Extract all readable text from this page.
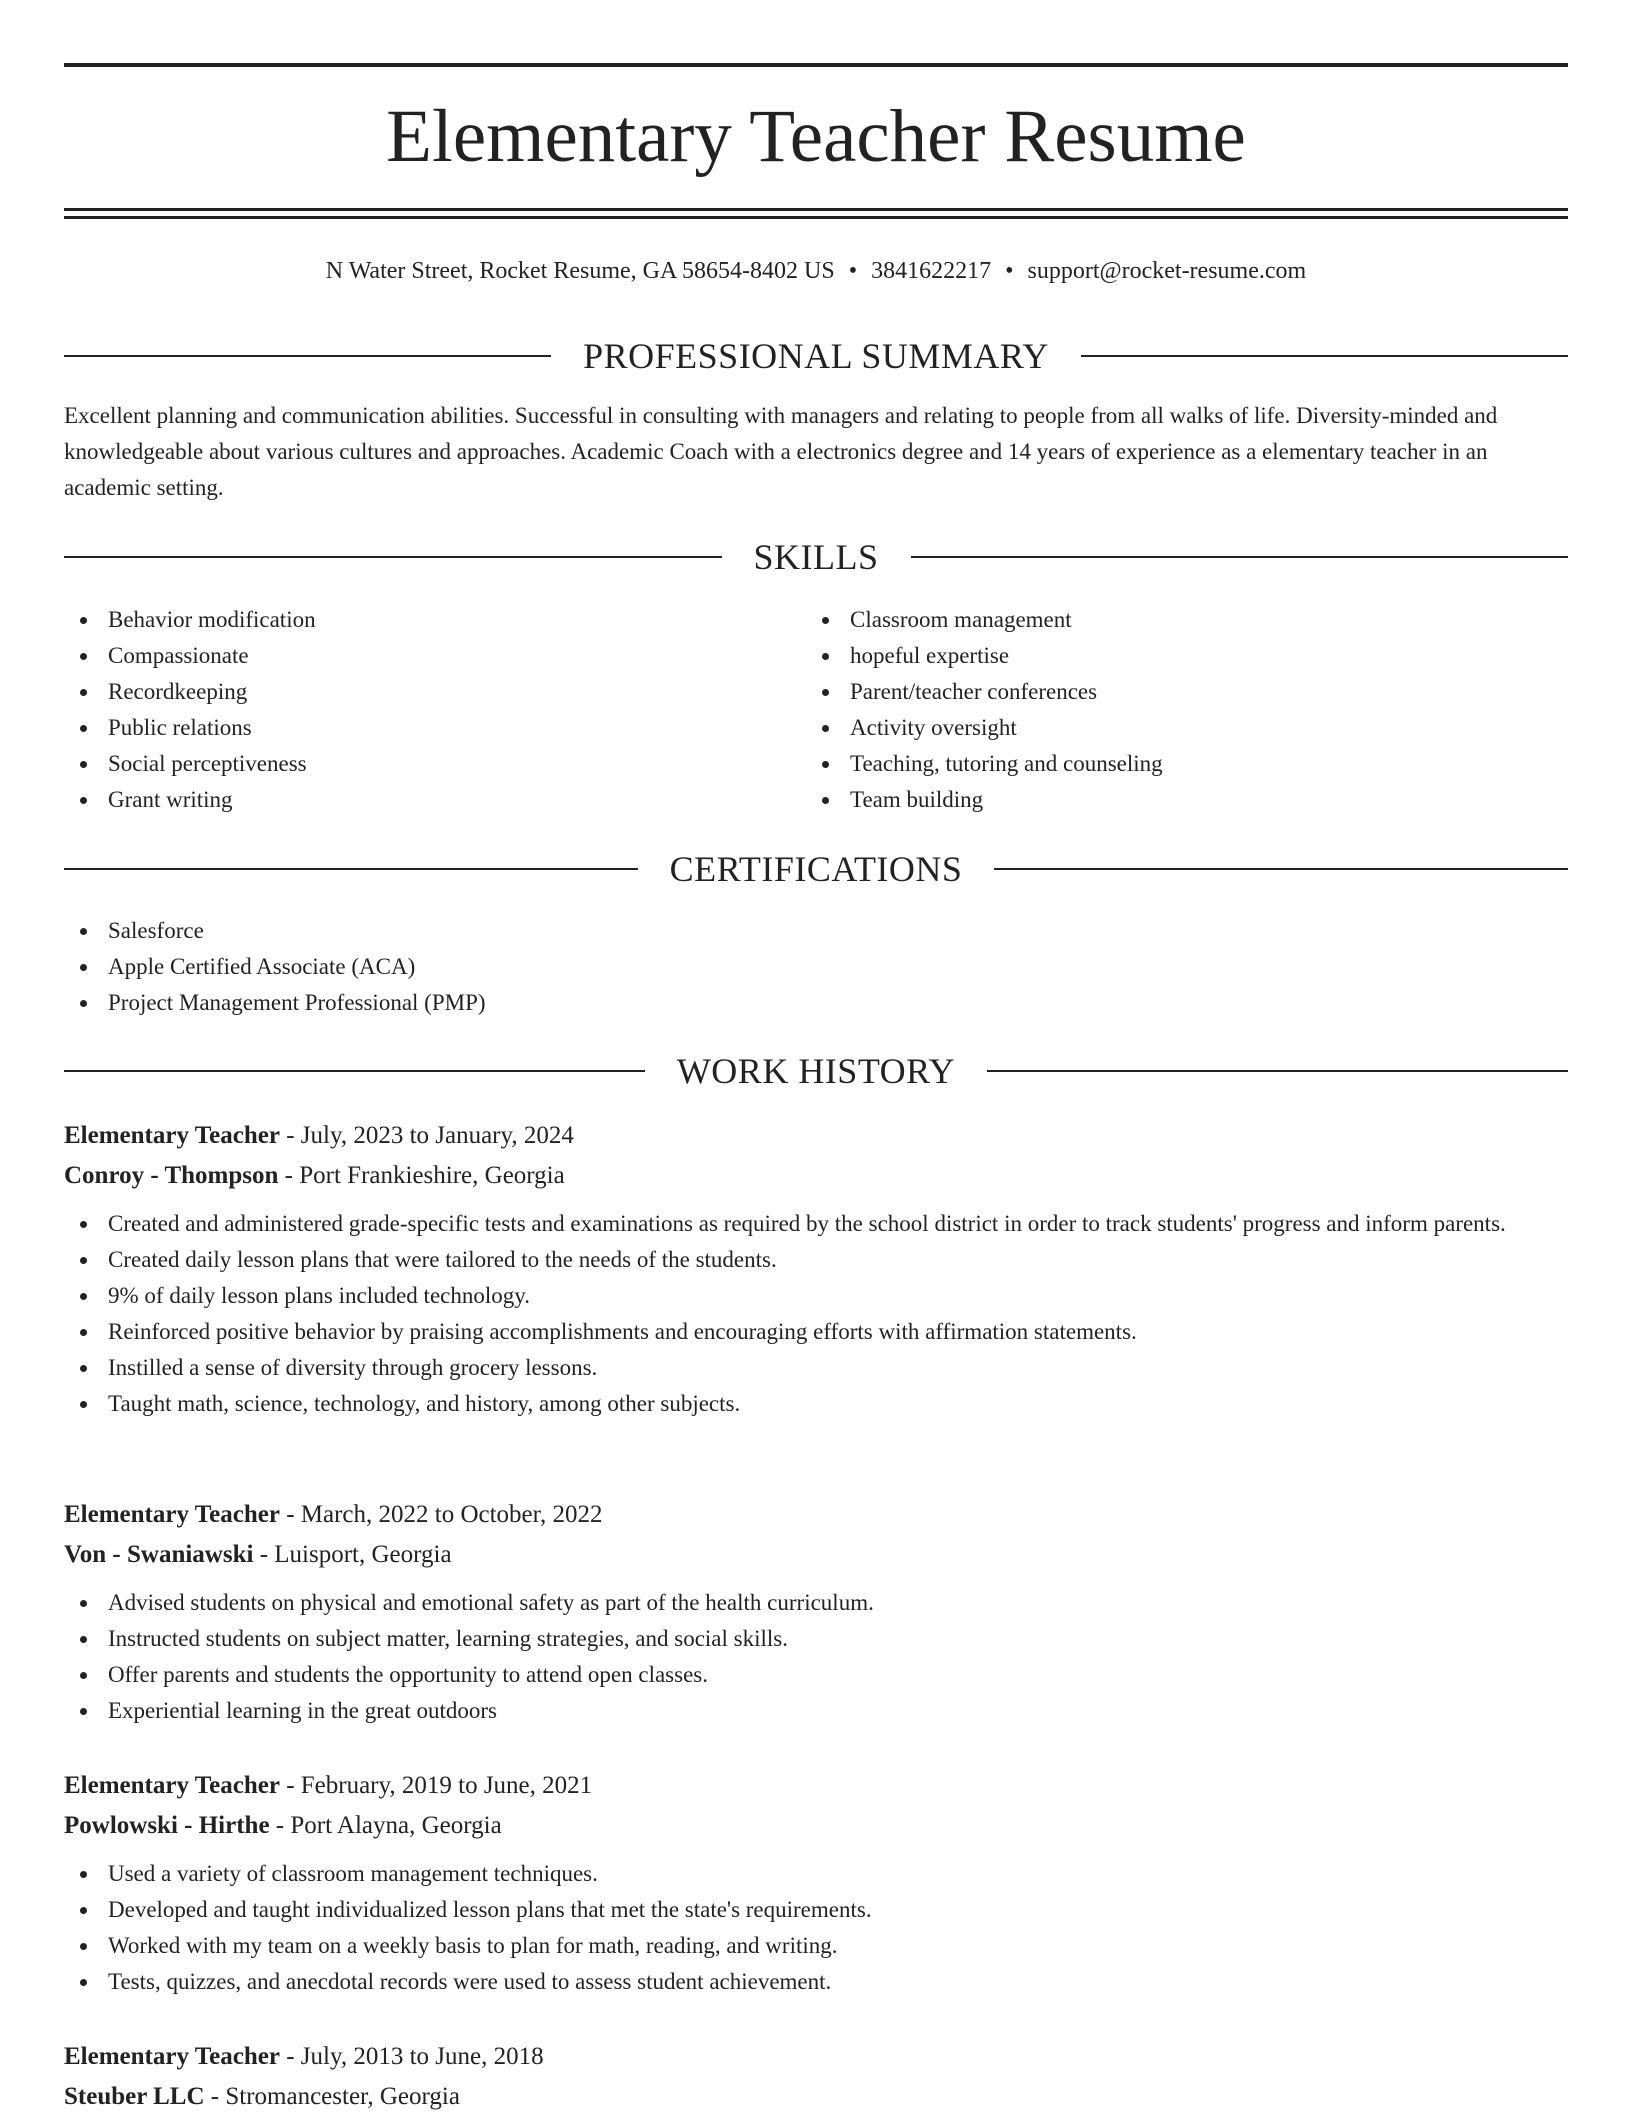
Elementary Teacher Resume
N Water Street, Rocket Resume, GA 58654-8402 US • 3841622217 • support@rocket-resume.com
PROFESSIONAL SUMMARY

Excellent planning and communication abilities. Successful in consulting with managers and relating to people from all walks of life. Diversity-minded and knowledgeable about various cultures and approaches. Academic Coach with a electronics degree and 14 years of experience as a elementary teacher in an academic setting.

SKILLS
Behavior modification
Compassionate
Recordkeeping
Public relations
Social perceptiveness
Grant writing
Classroom management
hopeful expertise
Parent/teacher conferences
Activity oversight
Teaching, tutoring and counseling
Team building
CERTIFICATIONS
Salesforce
Apple Certified Associate (ACA)
Project Management Professional (PMP)
WORK HISTORY
Elementary Teacher - July, 2023 to January, 2024
Conroy - Thompson - Port Frankieshire, Georgia
Created and administered grade-specific tests and examinations as required by the school district in order to track students' progress and inform parents.
Created daily lesson plans that were tailored to the needs of the students.
9% of daily lesson plans included technology.
Reinforced positive behavior by praising accomplishments and encouraging efforts with affirmation statements.
Instilled a sense of diversity through grocery lessons.
Taught math, science, technology, and history, among other subjects.
Elementary Teacher - March, 2022 to October, 2022
Von - Swaniawski - Luisport, Georgia
Advised students on physical and emotional safety as part of the health curriculum.
Instructed students on subject matter, learning strategies, and social skills.
Offer parents and students the opportunity to attend open classes.
Experiential learning in the great outdoors
Elementary Teacher - February, 2019 to June, 2021
Powlowski - Hirthe - Port Alayna, Georgia
Used a variety of classroom management techniques.
Developed and taught individualized lesson plans that met the state's requirements.
Worked with my team on a weekly basis to plan for math, reading, and writing.
Tests, quizzes, and anecdotal records were used to assess student achievement.
Elementary Teacher - July, 2013 to June, 2018
Steuber LLC - Stromancester, Georgia
